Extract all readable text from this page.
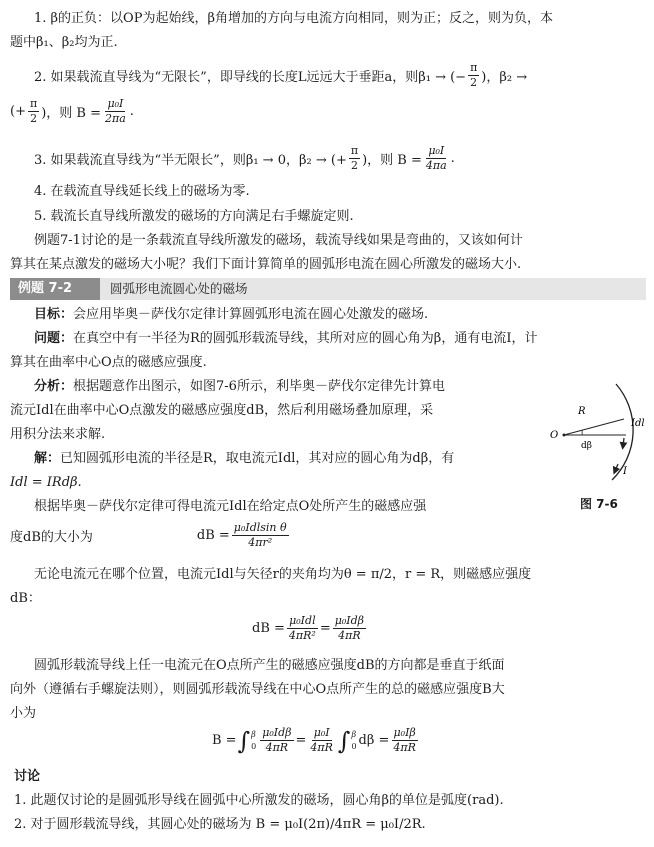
1. β的正负：以OP为起始线，β角增加的方向与电流方向相同，则为正；反之，则为负，本
题中β₁、β₂均为正.
2. 如果载流直导线为“无限长”，即导线的长度L远远大于垂距a，则β₁ → (− $\frac{\pi}{2}$ )，β₂ →
(+ $\frac{\pi}{2}$ )，则 $B = \frac{\text{μ₀I}}{2\pi a}$ .
3. 如果载流直导线为“半无限长”，则β₁ → 0，β₂ → (+ $\frac{\pi}{2}$ )，则 $B = \frac{\text{μ₀I}}{4\pi a}$ .
4. 在载流直导线延长线上的磁场为零.
5. 载流长直导线所激发的磁场的方向满足右手螺旋定则.
例题7-1讨论的是一条载流直导线所激发的磁场，载流导线如果是弯曲的，又该如何计
算其在某点激发的磁场大小呢？我们下面计算简单的圆弧形电流在圆心所激发的磁场大小.
例题 7-2	圆弧形电流圆心处的磁场
目标：会应用毕奥－萨伐尔定律计算圆弧形电流在圆心处激发的磁场.
问题：在真空中有一半径为R的圆弧形载流导线，其所对应的圆心角为β，通有电流I，计
算其在曲率中心O点的磁感应强度.
分析：根据题意作出图示，如图7-6所示，利毕奥－萨伐尔定律先计算电
流元Idl在曲率中心O点激发的磁感应强度dB，然后利用磁场叠加原理，采
用积分法来求解.
解：已知圆弧形电流的半径是R，取电流元Idl，其对应的圆心角为dβ，有
Idl = IRdβ.
根据毕奥－萨伐尔定律可得电流元Idl在给定点O处所产生的磁感应强
度dB的大小为	dB = $\frac{\text{μ₀Idlsin θ}}{\text{4πr²}}$
无论电流元在哪个位置，电流元Idl与矢径r的夹角均为θ = π/2，r = R，则磁感应强度
dB：
dB = $\frac{\text{μ₀Idl}}{\text{4πR²}} = \frac{\text{μ₀Idβ}}{4\pi R}$
圆弧形载流导线上任一电流元在O点所产生的磁感应强度dB的方向都是垂直于纸面
向外（遵循右手螺旋法则），则圆弧形载流导线在中心O点所产生的总的磁感应强度B大
小为
B = ∫ β
$0 \frac{\text{μ₀Idβ}}{4\pi R} = \frac{\text{μ₀I}}{4\pi R}$ ∫ β
0 $d\beta = \frac{\text{μ₀Iβ}}{4\pi R}$
讨论
1. 此题仅讨论的是圆弧形导线在圆弧中心所激发的磁场，圆心角β的单位是弧度(rad).
2. 对于圆形载流导线，其圆心处的磁场为 B = μ₀I(2π)/4πR = μ₀I/2R.
R
Idl
O
dβ
I
图 7-6
